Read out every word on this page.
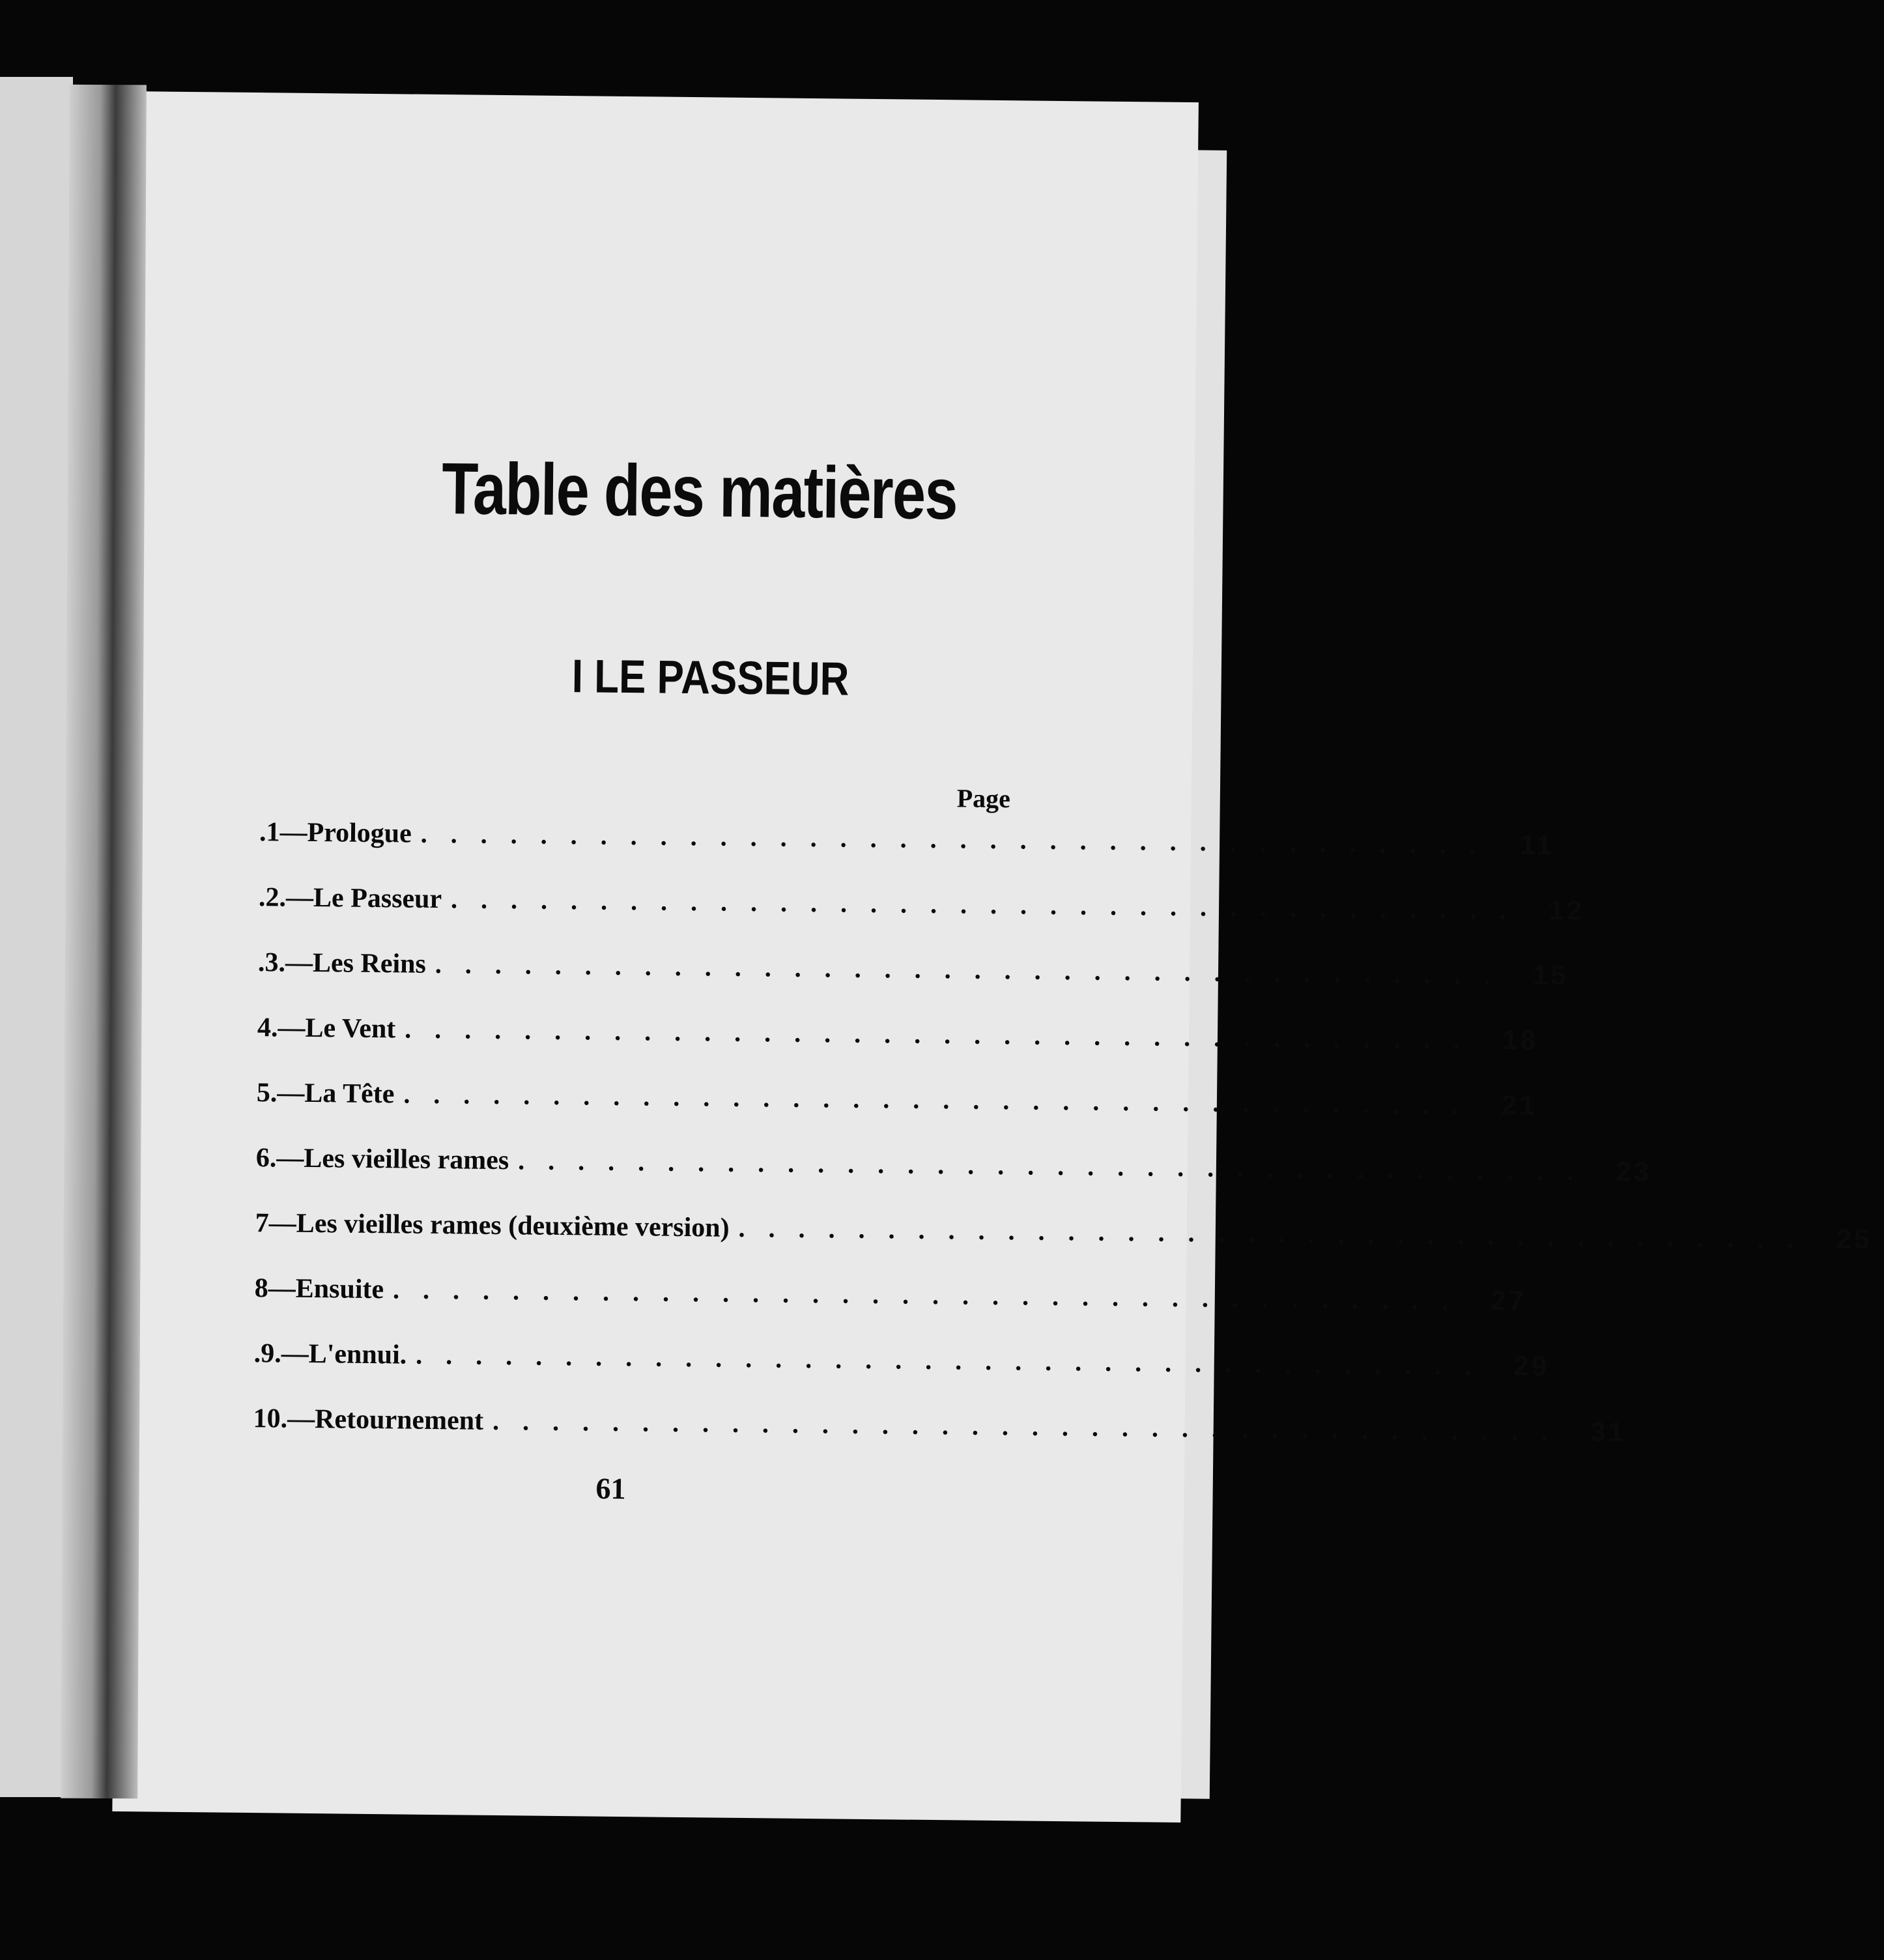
Table des matières
I LE PASSEUR
Page
.1—Prologue .................................... 11
.2.—Le Passeur .................................... 12
.3.—Les Reins .................................... 15
4.—Le Vent .................................... 18
5.—La Tête .................................... 21
6.—Les vieilles rames .................................... 23
7—Les vieilles rames (deuxième version) .................................... 25
8—Ensuite .................................... 27
.9.—L'ennui. .................................... 29
10.—Retournement .................................... 31
61
